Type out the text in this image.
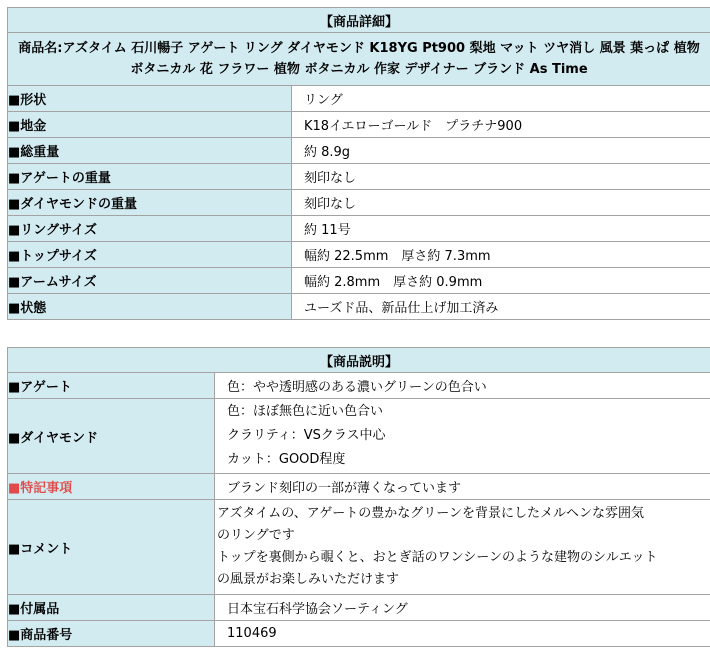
【商品詳細】	
商品名:アズタイム 石川暢子 アゲート リング ダイヤモンド K18YG Pt900 梨地 マット ツヤ消し 風景 葉っぱ 植物 ボタニカル 花 フラワー 植物 ボタニカル 作家 デザイナー ブランド As Time	
■形状	リング
■地金	K18イエローゴールド　プラチナ900
■総重量	約 8.9g
■アゲートの重量	刻印なし
■ダイヤモンドの重量	刻印なし
■リングサイズ	約 11号
■トップサイズ	幅約 22.5mm　厚さ約 7.3mm
■アームサイズ	幅約 2.8mm　厚さ約 0.9mm
■状態	ユーズド品、新品仕上げ加工済み
【商品説明】	
■アゲート	色：やや透明感のある濃いグリーンの色合い
■ダイヤモンド	色：ほぼ無色に近い色合い
クラリティ：VSクラス中心
カット：GOOD程度

■特記事項	ブランド刻印の一部が薄くなっています
■コメント	アズタイムの、アゲートの豊かなグリーンを背景にしたメルヘンな雰囲気
のリングです
トップを裏側から覗くと、おとぎ話のワンシーンのような建物のシルエット
の風景がお楽しみいただけます

■付属品	日本宝石科学協会ソーティング
■商品番号	110469
